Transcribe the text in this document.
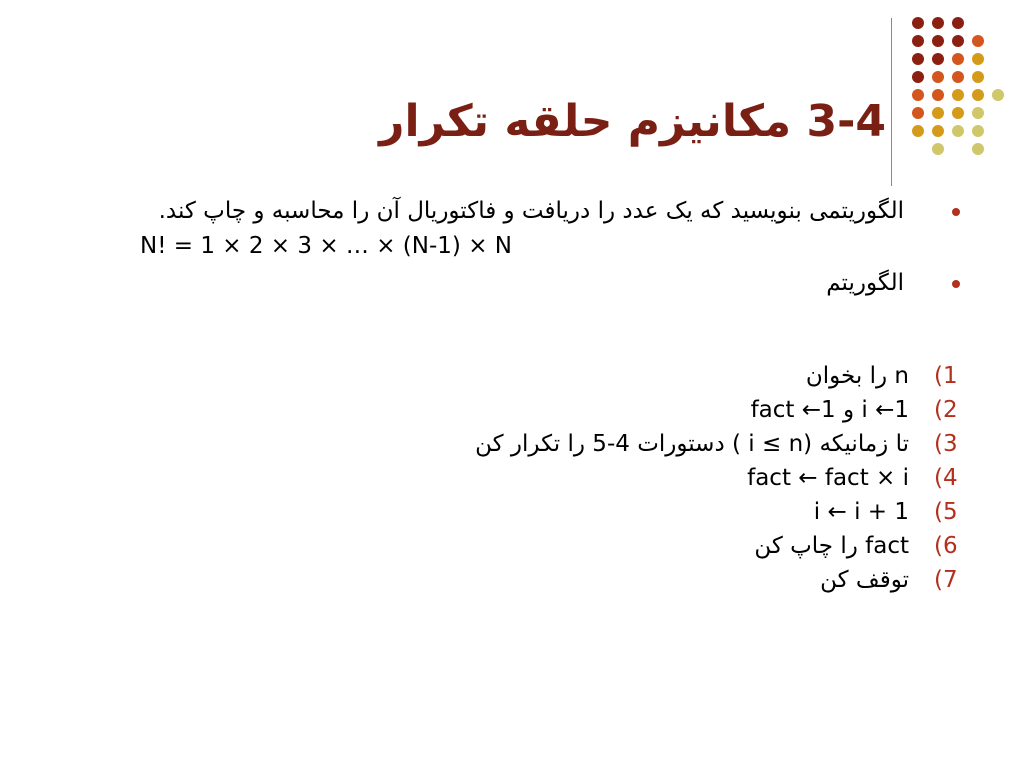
3-4 مکانیزم حلقه تکرار
الگوریتمی بنویسید که یک عدد را دریافت و فاکتوریال آن را محاسبه و چاپ کند.
N! = 1 × 2 × 3 × … × (N-1) × N
الگوریتم
(1
n را بخوان
(2
i ←1 و fact ←1
(3
تا زمانیکه (i ≤ n ) دستورات 4-5 را تکرار کن
(4
fact ← fact × i
(5
i ← i + 1
(6
fact را چاپ کن
(7
توقف کن
